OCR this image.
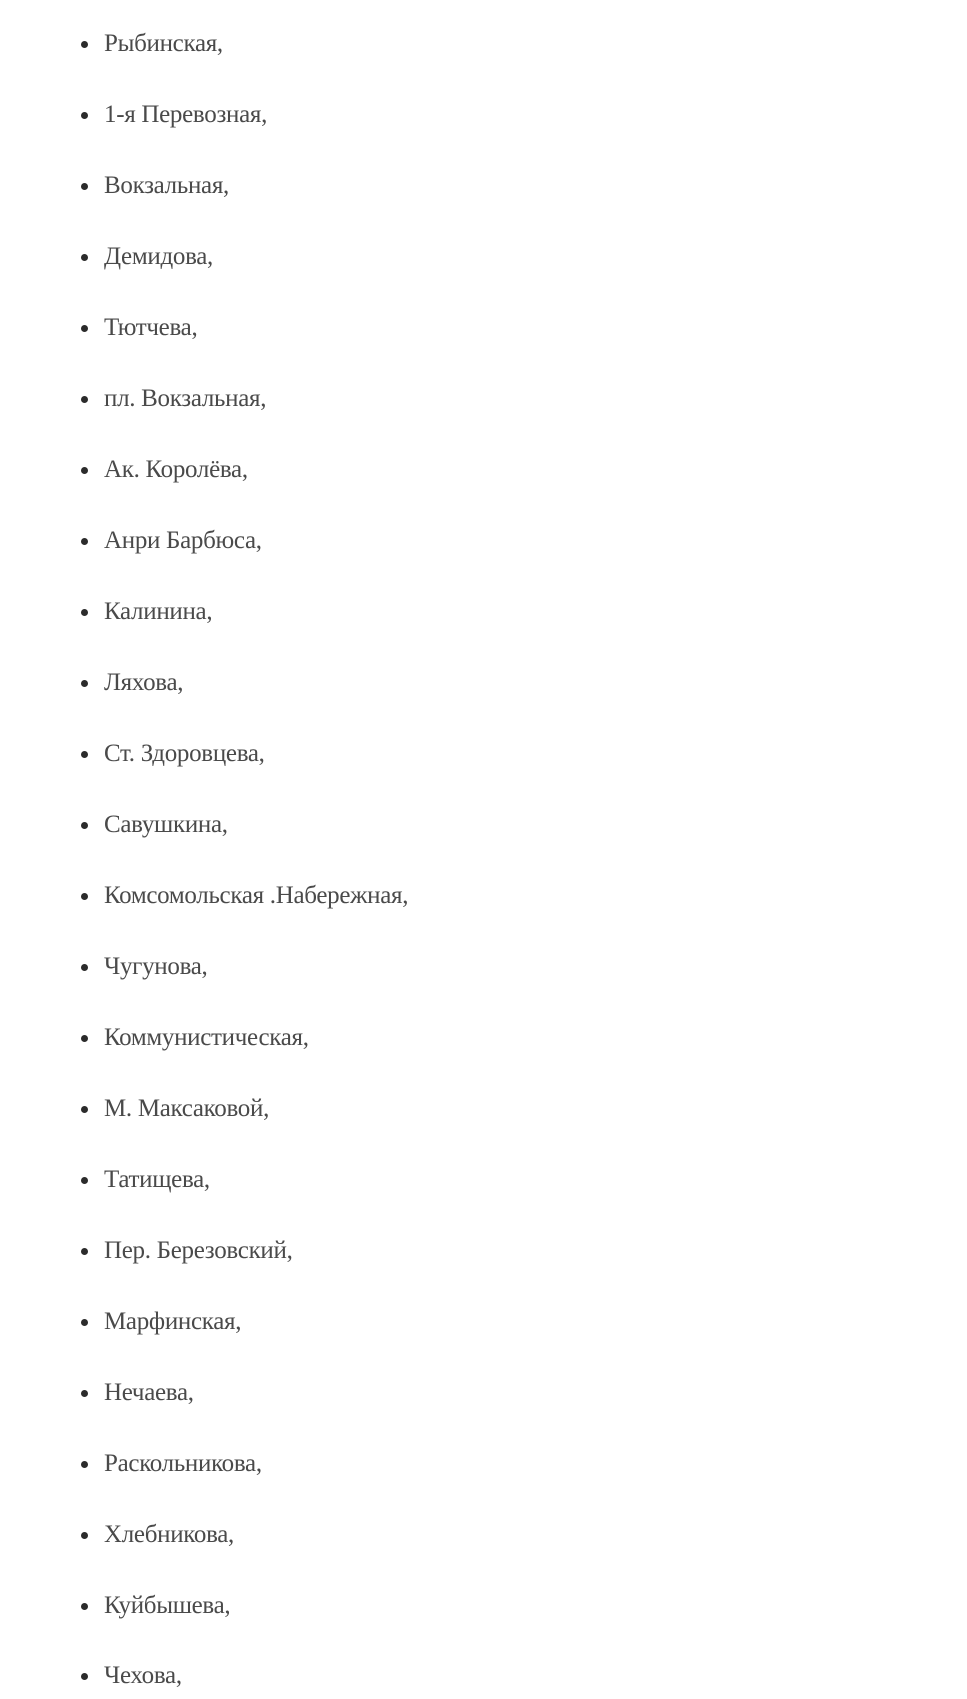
Рыбинская,
1-я Перевозная,
Вокзальная,
Демидова,
Тютчева,
пл. Вокзальная,
Ак. Королёва,
Анри Барбюса,
Калинина,
Ляхова,
Ст. Здоровцева,
Савушкина,
Комсомольская .Набережная,
Чугунова,
Коммунистическая,
М. Максаковой,
Татищева,
Пер. Березовский,
Марфинская,
Нечаева,
Раскольникова,
Хлебникова,
Куйбышева,
Чехова,
